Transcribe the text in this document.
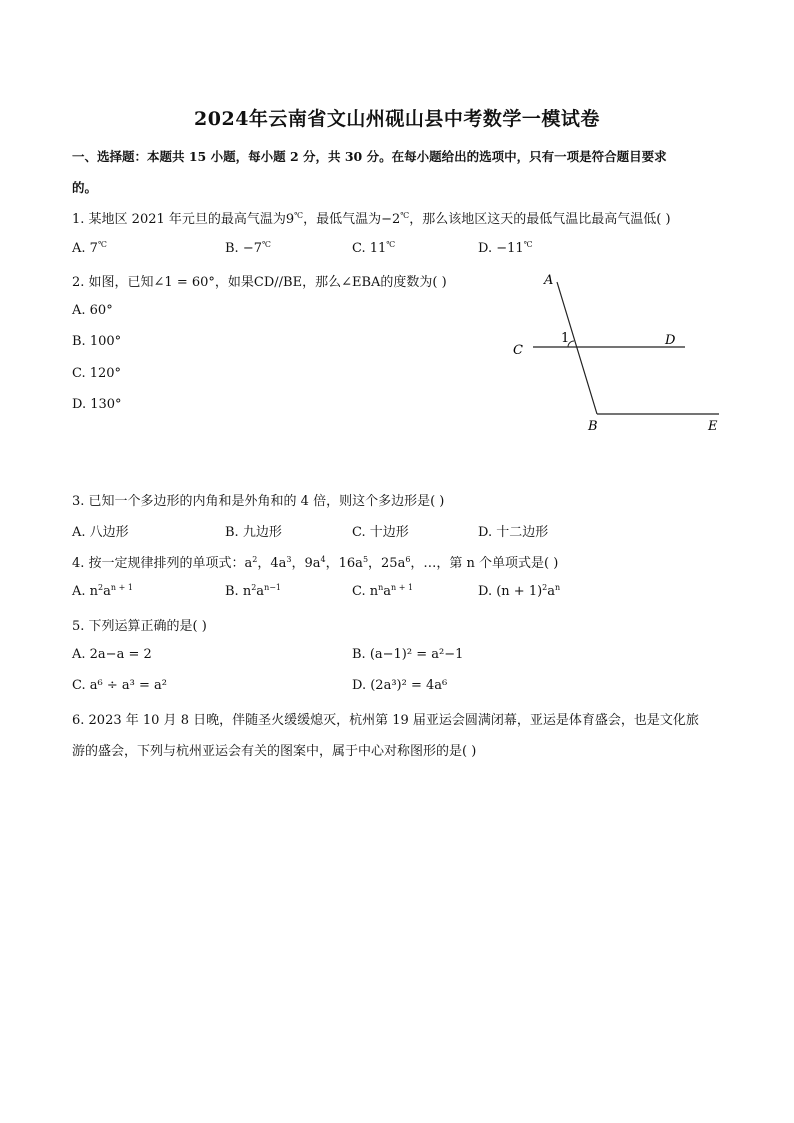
2024年云南省文山州砚山县中考数学一模试卷
一、选择题：本题共 15 小题，每小题 2 分，共 30 分。在每小题给出的选项中，只有一项是符合题目要求
的。
1. 某地区 2021 年元旦的最高气温为9℃，最低气温为−2℃，那么该地区这天的最低气温比最高气温低( )
A. 7℃	B. −7℃	C. 11℃	D. −11℃
2. 如图，已知∠1 = 60°，如果CD//BE，那么∠EBA的度数为( )
A. 60°
B. 100°
C. 120°
D. 130°
A
C
1	D
B	E
3. 已知一个多边形的内角和是外角和的 4 倍，则这个多边形是( )
A. 八边形	B. 九边形	C. 十边形	D. 十二边形
4. 按一定规律排列的单项式：$a^2$，$4a^3$，$9a^4$，$16a^5$，$25a^6$，…，第 n 个单项式是( )
A. $n^2a^{n + 1}$	B. $n^2a^{n-1}$	C. $n^na^{n + 1}$	D. $(n + 1)^2a^n$
5. 下列运算正确的是( )
A. 2a−a = 2	B. (a−1)² = a²−1
C. a⁶ ÷ a³ = a²	D. (2a³)² = 4a⁶
6. 2023 年 10 月 8 日晚，伴随圣火缓缓熄灭，杭州第 19 届亚运会圆满闭幕，亚运是体育盛会，也是文化旅
游的盛会，下列与杭州亚运会有关的图案中，属于中心对称图形的是( )
